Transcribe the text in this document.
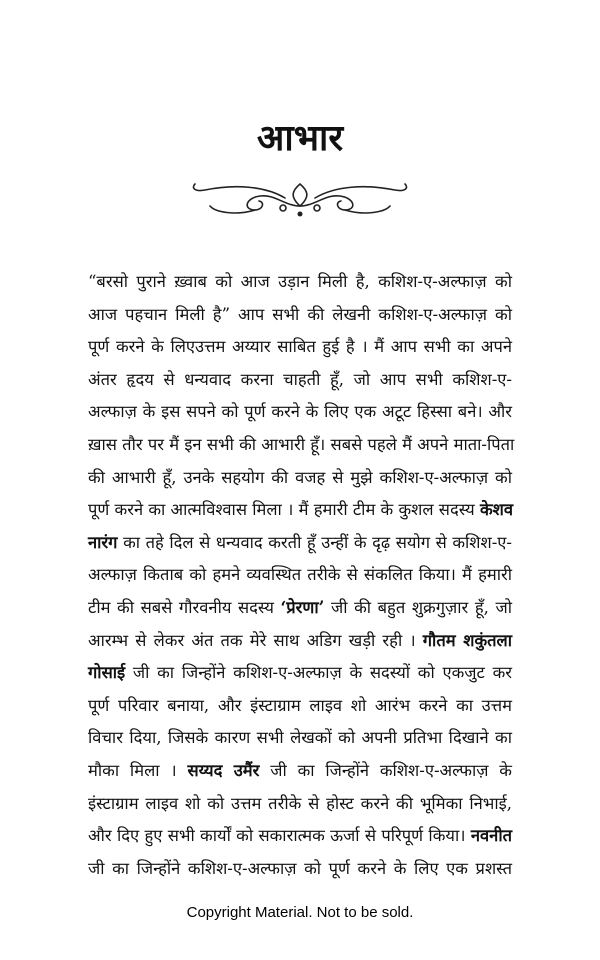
आभार
“बरसो पुराने ख़्वाब को आज उड़ान मिली है, कशिश-ए-अल्फाज़ को
आज पहचान मिली है” आप सभी की लेखनी कशिश-ए-अल्फाज़ को
पूर्ण करने के लिएउत्तम अय्यार साबित हुई है । मैं आप सभी का अपने
अंतर हृदय से धन्यवाद करना चाहती हूँ, जो आप सभी कशिश-ए-
अल्फाज़ के इस सपने को पूर्ण करने के लिए एक अटूट हिस्सा बने। और
ख़ास तौर पर मैं इन सभी की आभारी हूँ। सबसे पहले मैं अपने माता-पिता
की आभारी हूँ, उनके सहयोग की वजह से मुझे कशिश-ए-अल्फाज़ को
पूर्ण करने का आत्मविश्वास मिला । मैं हमारी टीम के कुशल सदस्य केशव
नारंग का तहे दिल से धन्यवाद करती हूँ उन्हीं के दृढ़ सयोग से कशिश-ए-
अल्फाज़ किताब को हमने व्यवस्थित तरीके से संकलित किया। मैं हमारी
टीम की सबसे गौरवनीय सदस्य ‘प्रेरणा’ जी की बहुत शुक्रगुज़ार हूँ, जो
आरम्भ से लेकर अंत तक मेरे साथ अडिग खड़ी रही । गौतम शकुंतला
गोसाई जी का जिन्होंने कशिश-ए-अल्फाज़ के सदस्यों को एकजुट कर
पूर्ण परिवार बनाया, और इंस्टाग्राम लाइव शो आरंभ करने का उत्तम
विचार दिया, जिसके कारण सभी लेखकों को अपनी प्रतिभा दिखाने का
मौका मिला । सय्यद उमैंर जी का जिन्होंने कशिश-ए-अल्फाज़ के
इंस्टाग्राम लाइव शो को उत्तम तरीके से होस्ट करने की भूमिका निभाई,
और दिए हुए सभी कार्यों को सकारात्मक ऊर्जा से परिपूर्ण किया। नवनीत
जी का जिन्होंने कशिश-ए-अल्फाज़ को पूर्ण करने के लिए एक प्रशस्त
Copyright Material. Not to be sold.
